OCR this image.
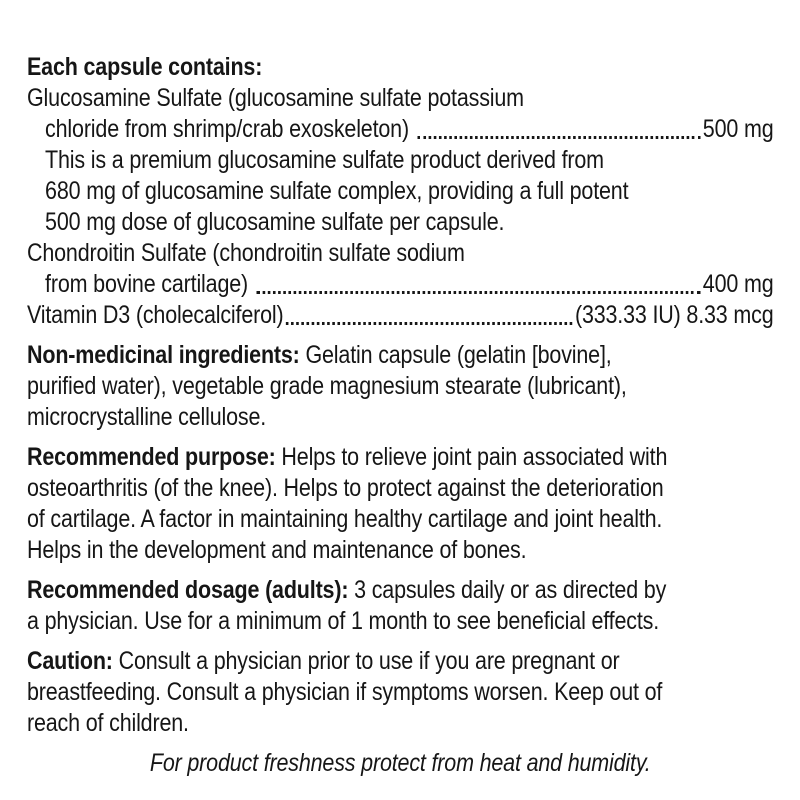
Each capsule contains:
Glucosamine Sulfate (glucosamine sulfate potassium
chloride from shrimp/crab exoskeleton)	500 mg
This is a premium glucosamine sulfate product derived from
680 mg of glucosamine sulfate complex, providing a full potent
500 mg dose of glucosamine sulfate per capsule.
Chondroitin Sulfate (chondroitin sulfate sodium
from bovine cartilage)	400 mg
Vitamin D3 (cholecalciferol)	(333.33 IU) 8.33 mcg
Non-medicinal ingredients: Gelatin capsule (gelatin [bovine],
purified water), vegetable grade magnesium stearate (lubricant),
microcrystalline cellulose.
Recommended purpose: Helps to relieve joint pain associated with
osteoarthritis (of the knee). Helps to protect against the deterioration
of cartilage. A factor in maintaining healthy cartilage and joint health.
Helps in the development and maintenance of bones.
Recommended dosage (adults): 3 capsules daily or as directed by
a physician. Use for a minimum of 1 month to see beneficial effects.
Caution: Consult a physician prior to use if you are pregnant or
breastfeeding. Consult a physician if symptoms worsen. Keep out of
reach of children.
For product freshness protect from heat and humidity.
